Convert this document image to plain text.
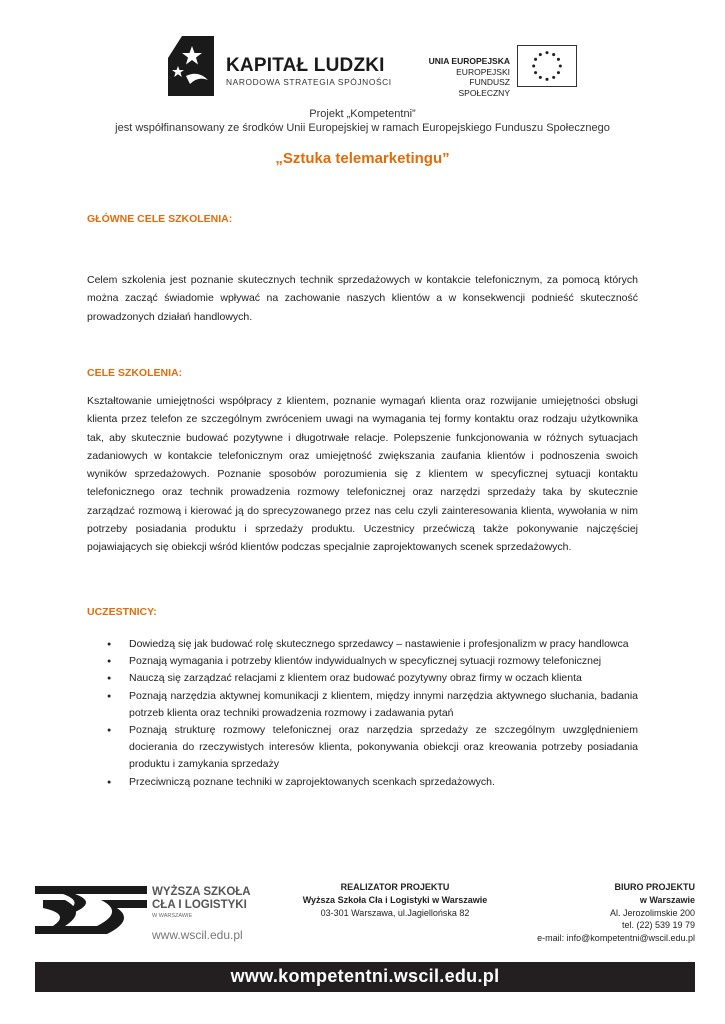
KAPITAŁ LUDZKI
NARODOWA STRATEGIA SPÓJNOŚCI
UNIA EUROPEJSKA
EUROPEJSKI
FUNDUSZ SPOŁECZNY
Projekt „Kompetentni”
jest współfinansowany ze środków Unii Europejskiej w ramach Europejskiego Funduszu Społecznego
„Sztuka telemarketingu”
GŁÓWNE CELE SZKOLENIA:
Celem szkolenia jest poznanie skutecznych technik sprzedażowych w kontakcie telefonicznym, za pomocą których można zacząć świadomie wpływać na zachowanie naszych klientów a w konsekwencji podnieść skuteczność prowadzonych działań handlowych.
CELE SZKOLENIA:
Kształtowanie umiejętności współpracy z klientem, poznanie wymagań klienta oraz rozwijanie umiejętności obsługi klienta przez telefon ze szczególnym zwróceniem uwagi na wymagania tej formy kontaktu oraz rodzaju użytkownika tak, aby skutecznie budować pozytywne i długotrwałe relacje. Polepszenie funkcjonowania w różnych sytuacjach zadaniowych w kontakcie telefonicznym oraz umiejętność zwiększania zaufania klientów i podnoszenia swoich wyników sprzedażowych. Poznanie sposobów porozumienia się z klientem w specyficznej sytuacji kontaktu telefonicznego oraz technik prowadzenia rozmowy telefonicznej oraz narzędzi sprzedaży taka by skutecznie zarządzać rozmową i kierować ją do sprecyzowanego przez nas celu czyli zainteresowania klienta, wywołania w nim potrzeby posiadania produktu i sprzedaży produktu. Uczestnicy przećwiczą także pokonywanie najczęściej pojawiających się obiekcji wśród klientów podczas specjalnie zaprojektowanych scenek sprzedażowych.
UCZESTNICY:
● Dowiedzą się jak budować rolę skutecznego sprzedawcy – nastawienie i profesjonalizm w pracy handlowca
● Poznają wymagania i potrzeby klientów indywidualnych w specyficznej sytuacji rozmowy telefonicznej
● Nauczą się zarządzać relacjami z klientem oraz budować pozytywny obraz firmy w oczach klienta
● Poznają narzędzia aktywnej komunikacji z klientem, między innymi narzędzia aktywnego słuchania, badania potrzeb klienta oraz techniki prowadzenia rozmowy i zadawania pytań
● Poznają strukturę rozmowy telefonicznej oraz narzędzia sprzedaży ze szczególnym uwzględnieniem docierania do rzeczywistych interesów klienta, pokonywania obiekcji oraz kreowania potrzeby posiadania produktu i zamykania sprzedaży
● Przeciwniczą poznane techniki w zaprojektowanych scenkach sprzedażowych.
WYŻSZA SZKOŁA
CŁA I LOGISTYKI
W WARSZAWIE
www.wscil.edu.pl
REALIZATOR PROJEKTU
Wyższa Szkoła Cła i Logistyki w Warszawie
03-301 Warszawa, ul.Jagiellońska 82
BIURO PROJEKTU
w Warszawie
Al. Jerozolimskie 200
tel. (22) 539 19 79
e-mail: info@kompetentni@wscil.edu.pl
www.kompetentni.wscil.edu.pl
